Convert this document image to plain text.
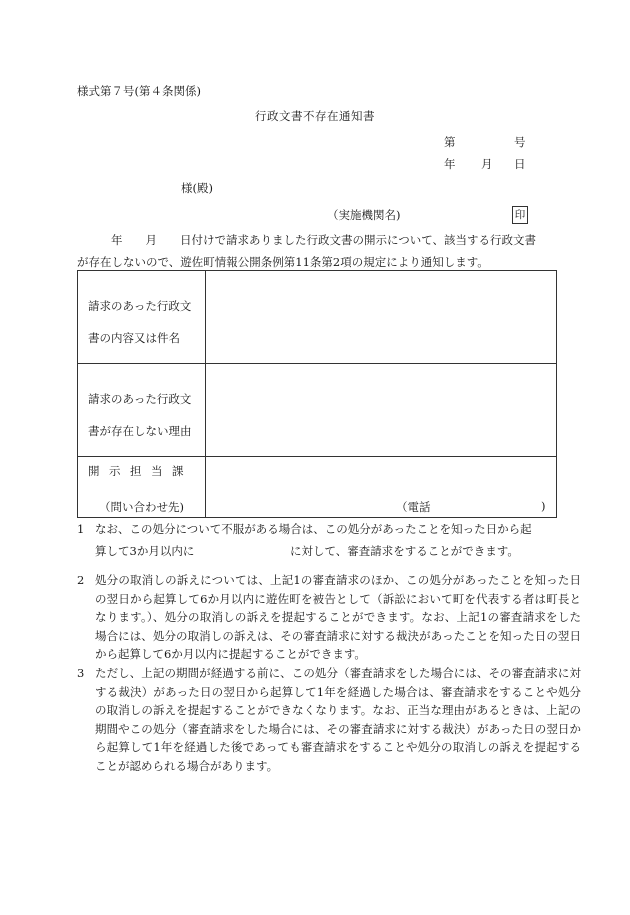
様式第７号(第４条関係)
行政文書不存在通知書
第	号
年 月 日
様(殿)
（実施機関名)	印
年　　月　　日付けで請求ありました行政文書の開示について、該当する行政文書
が存在しないので、遊佐町情報公開条例第11条第2項の規定により通知します。
請求のあった行政文書の内容又は件名	

請求のあった行政文書が存在しない理由	

開示担当課
（問い合わせ先)	（電話 )
1 なお、この処分について不服がある場合は、この処分があったことを知った日から起
算して3か月以内に	に対して、審査請求をすることができます。
2 処分の取消しの訴えについては、上記1の審査請求のほか、この処分があったことを知った日の翌日から起算して6か月以内に遊佐町を被告として（訴訟において町を代表する者は町長となります。）、処分の取消しの訴えを提起することができます。なお、上記1の審査請求をした場合には、処分の取消しの訴えは、その審査請求に対する裁決があったことを知った日の翌日から起算して6か月以内に提起することができます。
3 ただし、上記の期間が経過する前に、この処分（審査請求をした場合には、その審査請求に対する裁決）があった日の翌日から起算して1年を経過した場合は、審査請求をすることや処分の取消しの訴えを提起することができなくなります。なお、正当な理由があるときは、上記の期間やこの処分（審査請求をした場合には、その審査請求に対する裁決）があった日の翌日から起算して1年を経過した後であっても審査請求をすることや処分の取消しの訴えを提起することが認められる場合があります。
